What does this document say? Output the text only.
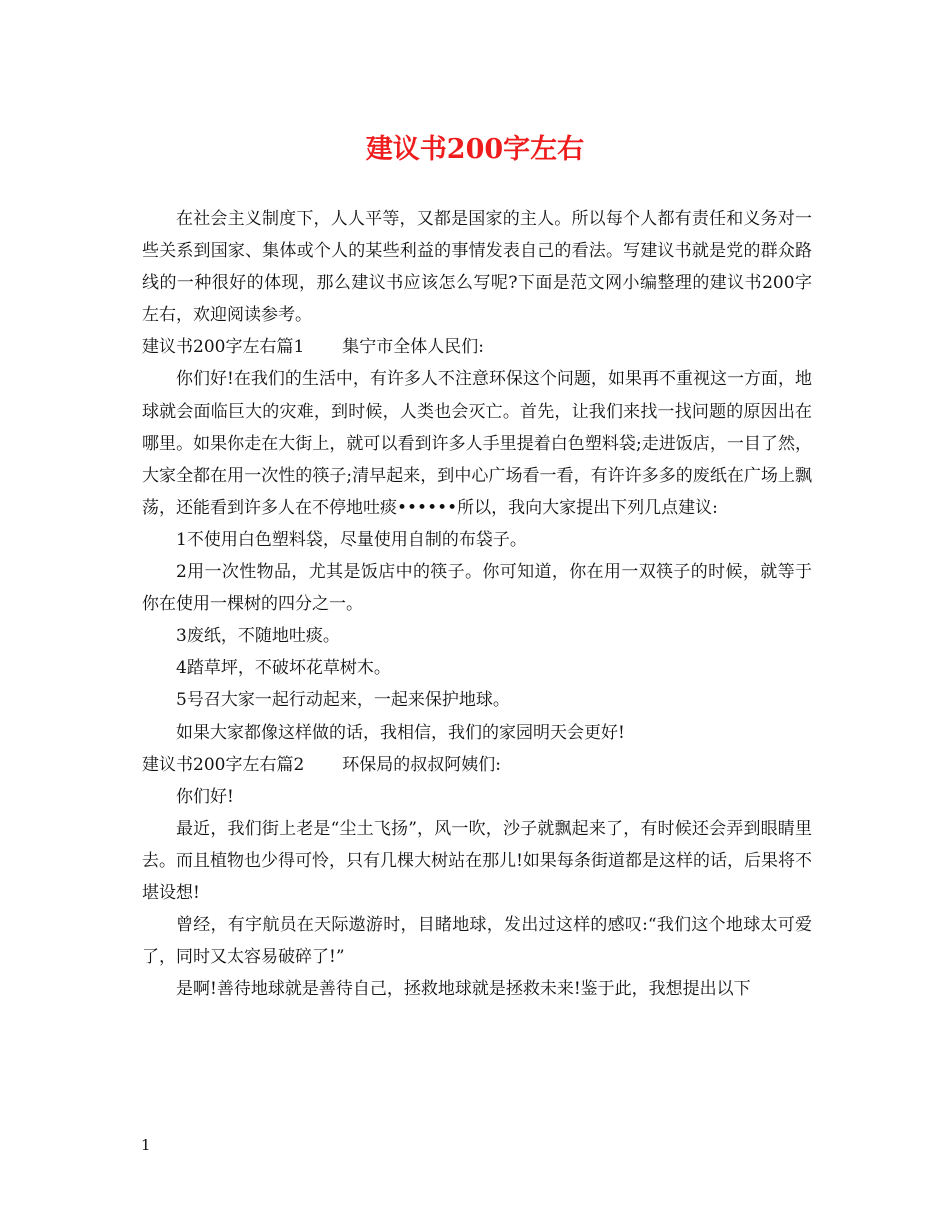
建议书200字左右

在社会主义制度下，人人平等，又都是国家的主人。所以每个人都有责任和义务对一些关系到国家、集体或个人的某些利益的事情发表自己的看法。写建议书就是党的群众路线的一种很好的体现，那么建议书应该怎么写呢?下面是范文网小编整理的建议书200字左右，欢迎阅读参考。

建议书200字左右篇1 集宁市全体人民们:

你们好!在我们的生活中，有许多人不注意环保这个问题，如果再不重视这一方面，地球就会面临巨大的灾难，到时候，人类也会灭亡。首先，让我们来找一找问题的原因出在哪里。如果你走在大街上，就可以看到许多人手里提着白色塑料袋;走进饭店，一目了然，大家全都在用一次性的筷子;清早起来，到中心广场看一看，有许许多多的废纸在广场上飘荡，还能看到许多人在不停地吐痰••••••所以，我向大家提出下列几点建议:

1不使用白色塑料袋，尽量使用自制的布袋子。

2用一次性物品，尤其是饭店中的筷子。你可知道，你在用一双筷子的时候，就等于你在使用一棵树的四分之一。

3废纸，不随地吐痰。

4踏草坪，不破坏花草树木。

5号召大家一起行动起来，一起来保护地球。

如果大家都像这样做的话，我相信，我们的家园明天会更好!

建议书200字左右篇2 环保局的叔叔阿姨们:

你们好!

最近，我们街上老是“尘土飞扬”，风一吹，沙子就飘起来了，有时候还会弄到眼睛里去。而且植物也少得可怜，只有几棵大树站在那儿!如果每条街道都是这样的话，后果将不堪设想!

曾经，有宇航员在天际遨游时，目睹地球，发出过这样的感叹:“我们这个地球太可爱了，同时又太容易破碎了!”

是啊!善待地球就是善待自己，拯救地球就是拯救未来!鉴于此，我想提出以下

1
